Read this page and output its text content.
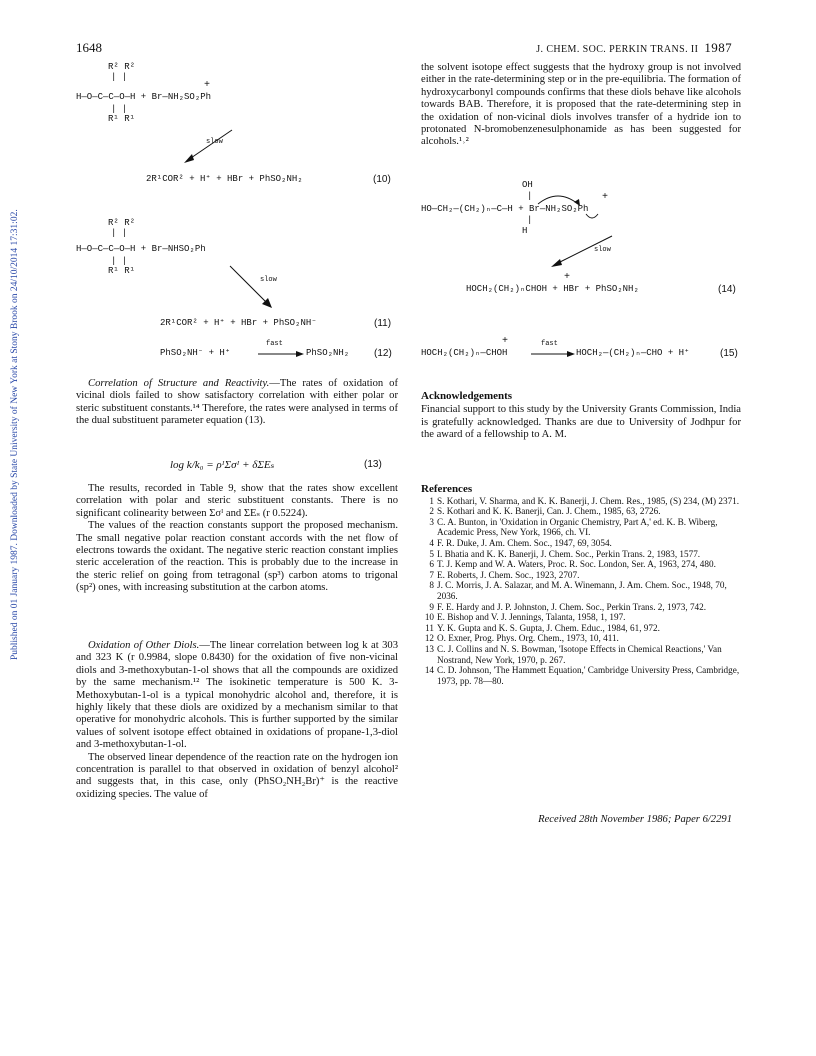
Published on 01 January 1987. Downloaded by State University of New York at Stony Brook on 24/10/2014 17:31:02.
1648	J. CHEM. SOC. PERKIN TRANS. II 1987
R² R²
| |
+
H—O—C—C—O—H + Br—NH₂SO₂Ph
| |
R¹ R¹
slow
2R¹COR² + H⁺ + HBr + PhSO₂NH₂	(10)
R² R²
| |
H—O—C—C—O—H + Br—NHSO₂Ph
| |
R¹ R¹
slow
2R¹COR² + H⁺ + HBr + PhSO₂NH⁻	(11)
PhSO₂NH⁻ + H⁺
fast
PhSO₂NH₂ (12)

Correlation of Structure and Reactivity.—The rates of oxidation of vicinal diols failed to show satisfactory correlation with either polar or steric substituent constants.¹⁴ Therefore, the rates were analysed in terms of the dual substituent parameter equation (13).

log k/k₀ = ρᴵΣσᴵ + δΣEₛ	(13)

The results, recorded in Table 9, show that the rates show excellent correlation with polar and steric substituent constants. There is no significant colinearity between Σσᴵ and ΣEₛ (r 0.5224).

The values of the reaction constants support the proposed mechanism. The small negative polar reaction constant accords with the net flow of electrons towards the oxidant. The negative steric reaction constant implies steric acceleration of the reaction. This is probably due to the increase in the steric relief on going from tetragonal (sp³) carbon atoms to trigonal (sp²) ones, with increasing substitution at the carbon atoms.

Oxidation of Other Diols.—The linear correlation between log k at 303 and 323 K (r 0.9984, slope 0.8430) for the oxidation of five non-vicinal diols and 3-methoxybutan-1-ol shows that all the compounds are oxidized by the same mechanism.¹² The isokinetic temperature is 500 K. 3-Methoxybutan-1-ol is a typical monohydric alcohol and, therefore, it is highly likely that these diols are oxidized by a mechanism similar to that operative for monohydric alcohols. This is further supported by the similar values of solvent isotope effect obtained in oxidations of propane-1,3-diol and 3-methoxybutan-1-ol.

The observed linear dependence of the reaction rate on the hydrogen ion concentration is parallel to that observed in oxidation of benzyl alcohol² and suggests that, in this case, only (PhSO₂NH₂Br)⁺ is the reactive oxidizing species. The value of

the solvent isotope effect suggests that the hydroxy group is not involved either in the rate-determining step or in the pre-equilibria. The formation of hydroxycarbonyl compounds confirms that these diols behave like alcohols towards BAB. Therefore, it is proposed that the rate-determining step in the oxidation of non-vicinal diols involves transfer of a hydride ion to protonated N-bromobenzenesulphonamide as has been suggested for alcohols.¹˒²

OH
|	+
HO—CH₂—(CH₂)ₙ—C—H + Br—NH₂SO₂Ph
|
H
slow
+
HOCH₂(CH₂)ₙCHOH + HBr + PhSO₂NH₂	(14)
+
HOCH₂(CH₂)ₙ—CHOH
fast
HOCH₂—(CH₂)ₙ—CHO + H⁺	(15)
Acknowledgements
Financial support to this study by the University Grants Commission, India is gratefully acknowledged. Thanks are due to University of Jodhpur for the award of a fellowship to A. M.
References
1 S. Kothari, V. Sharma, and K. K. Banerji, J. Chem. Res., 1985, (S) 234, (M) 2371.
2 S. Kothari and K. K. Banerji, Can. J. Chem., 1985, 63, 2726.
3 C. A. Bunton, in 'Oxidation in Organic Chemistry, Part A,' ed. K. B. Wiberg, Academic Press, New York, 1966, ch. VI.
4 F. R. Duke, J. Am. Chem. Soc., 1947, 69, 3054.
5 I. Bhatia and K. K. Banerji, J. Chem. Soc., Perkin Trans. 2, 1983, 1577.
6 T. J. Kemp and W. A. Waters, Proc. R. Soc. London, Ser. A, 1963, 274, 480.
7 E. Roberts, J. Chem. Soc., 1923, 2707.
8 J. C. Morris, J. A. Salazar, and M. A. Winemann, J. Am. Chem. Soc., 1948, 70, 2036.
9 F. E. Hardy and J. P. Johnston, J. Chem. Soc., Perkin Trans. 2, 1973, 742.
10 E. Bishop and V. J. Jennings, Talanta, 1958, 1, 197.
11 Y. K. Gupta and K. S. Gupta, J. Chem. Educ., 1984, 61, 972.
12 O. Exner, Prog. Phys. Org. Chem., 1973, 10, 411.
13 C. J. Collins and N. S. Bowman, 'Isotope Effects in Chemical Reactions,' Van Nostrand, New York, 1970, p. 267.
14 C. D. Johnson, 'The Hammett Equation,' Cambridge University Press, Cambridge, 1973, pp. 78—80.
Received 28th November 1986; Paper 6/2291
